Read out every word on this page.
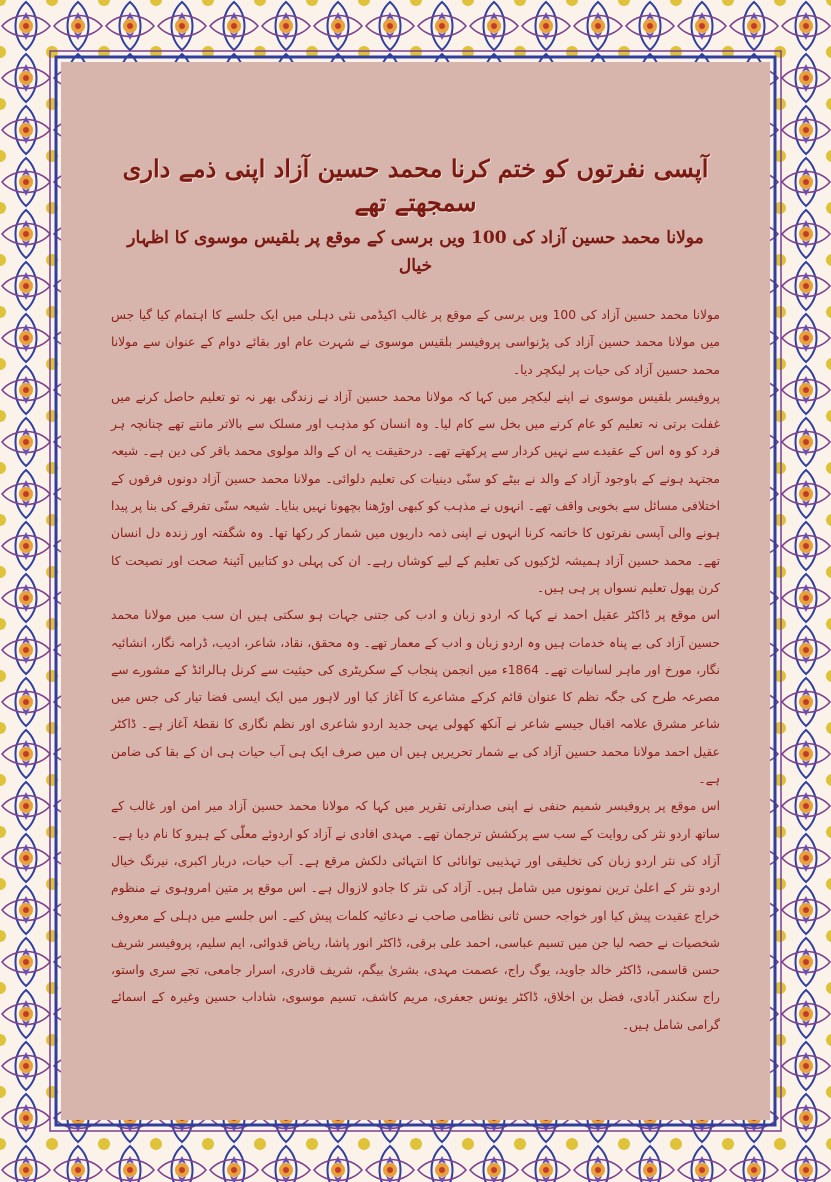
آپسی نفرتوں کو ختم کرنا محمد حسین آزاد اپنی ذمے داری سمجھتے تھے
مولانا محمد حسین آزاد کی 100 ویں برسی کے موقع پر بلقیس موسوی کا اظہار خیال

مولانا محمد حسین آزاد کی 100 ویں برسی کے موقع پر غالب اکیڈمی نئی دہلی میں ایک جلسے کا اہتمام کیا گیا جس میں مولانا محمد حسین آزاد کی پڑنواسی پروفیسر بلقیس موسوی نے شہرت عام اور بقائے دوام کے عنوان سے مولانا محمد حسین آزاد کی حیات پر لیکچر دیا۔

پروفیسر بلقیس موسوی نے اپنے لیکچر میں کہا کہ مولانا محمد حسین آزاد نے زندگی بھر نہ تو تعلیم حاصل کرنے میں غفلت برتی نہ تعلیم کو عام کرنے میں بخل سے کام لیا۔ وہ انسان کو مذہب اور مسلک سے بالاتر مانتے تھے چنانچہ ہر فرد کو وہ اس کے عقیدے سے نہیں کردار سے پرکھتے تھے۔ درحقیقت یہ ان کے والد مولوی محمد باقر کی دین ہے۔ شیعہ مجتہد ہونے کے باوجود آزاد کے والد نے بیٹے کو سنّی دینیات کی تعلیم دلوائی۔ مولانا محمد حسین آزاد دونوں فرقوں کے اختلافی مسائل سے بخوبی واقف تھے۔ انہوں نے مذہب کو کبھی اوڑھنا بچھونا نہیں بنایا۔ شیعہ سنّی تفرقے کی بنا پر پیدا ہونے والی آپسی نفرتوں کا خاتمہ کرنا انہوں نے اپنی ذمہ داریوں میں شمار کر رکھا تھا۔ وہ شگفتہ اور زندہ دل انسان تھے۔ محمد حسین آزاد ہمیشہ لڑکیوں کی تعلیم کے لیے کوشاں رہے۔ ان کی پہلی دو کتابیں آئینۂ صحت اور نصیحت کا کرن پھول تعلیم نسواں پر ہی ہیں۔

اس موقع پر ڈاکٹر عقیل احمد نے کہا کہ اردو زبان و ادب کی جتنی جہات ہو سکتی ہیں ان سب میں مولانا محمد حسین آزاد کی بے پناہ خدمات ہیں وہ اردو زبان و ادب کے معمار تھے۔ وہ محقق، نقاد، شاعر، ادیب، ڈرامہ نگار، انشائیہ نگار، مورخ اور ماہر لسانیات تھے۔ 1864ء میں انجمن پنجاب کے سکریٹری کی حیثیت سے کرنل ہالرائڈ کے مشورے سے مصرعہ طرح کی جگہ نظم کا عنوان قائم کرکے مشاعرے کا آغاز کیا اور لاہور میں ایک ایسی فضا تیار کی جس میں شاعر مشرق علامہ اقبال جیسے شاعر نے آنکھ کھولی یہی جدید اردو شاعری اور نظم نگاری کا نقطۂ آغاز ہے۔ ڈاکٹر عقیل احمد مولانا محمد حسین آزاد کی بے شمار تحریریں ہیں ان میں صرف ایک ہی آب حیات ہی ان کے بقا کی ضامن ہے۔

اس موقع پر پروفیسر شمیم حنفی نے اپنی صدارتی تقریر میں کہا کہ مولانا محمد حسین آزاد میر امن اور غالب کے ساتھ اردو نثر کی روایت کے سب سے پرکشش ترجمان تھے۔ مہدی افادی نے آزاد کو اردوئے معلّٰی کے ہیرو کا نام دیا ہے۔ آزاد کی نثر اردو زبان کی تخلیقی اور تہذیبی توانائی کا انتہائی دلکش مرقع ہے۔ آب حیات، دربار اکبری، نیرنگ خیال اردو نثر کے اعلیٰ ترین نمونوں میں شامل ہیں۔ آزاد کی نثر کا جادو لازوال ہے۔ اس موقع پر متین امروہوی نے منظوم خراج عقیدت پیش کیا اور خواجہ حسن ثانی نظامی صاحب نے دعائیہ کلمات پیش کیے۔ اس جلسے میں دہلی کے معروف شخصیات نے حصہ لیا جن میں تسیم عباسی، احمد علی برقی، ڈاکٹر انور پاشا، ریاض قدوائی، ایم سلیم، پروفیسر شریف حسن قاسمی، ڈاکٹر خالد جاوید، یوگ راج، عصمت مہدی، بشریٰ بیگم، شریف قادری، اسرار جامعی، تجے سری واستو، راج سکندر آبادی، فضل بن اخلاق، ڈاکٹر یونس جعفری، مریم کاشف، تسیم موسوی، شاداب حسین وغیرہ کے اسمائے گرامی شامل ہیں۔
